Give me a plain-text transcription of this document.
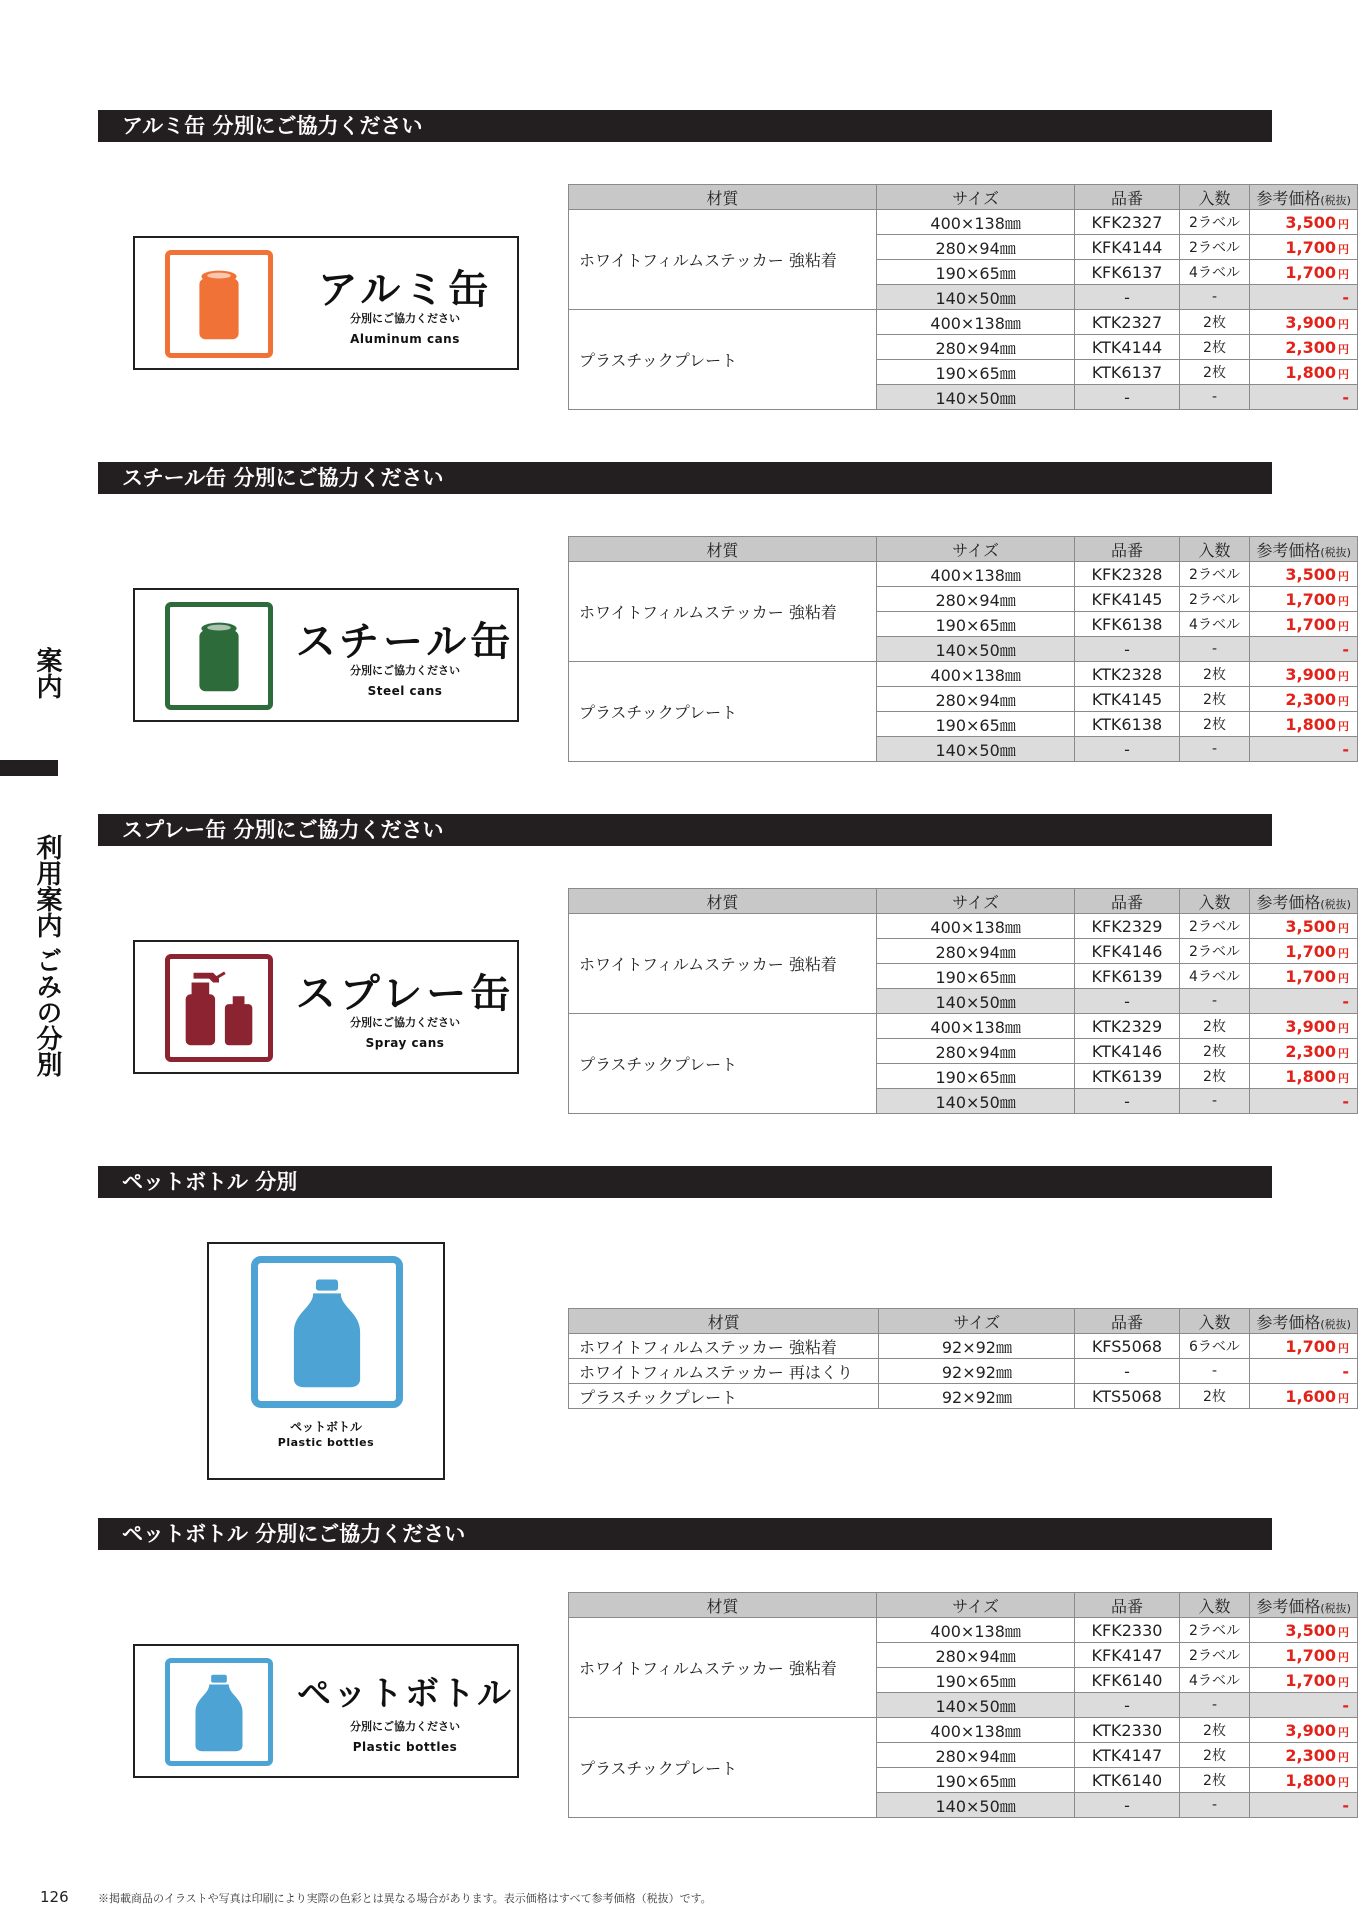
案内
利用案内 ごみの分別
アルミ缶 分別にご協力ください
アルミ缶
分別にご協力ください
Aluminum cans
材質	サイズ	品番	入数	参考価格(税抜)
ホワイトフィルムステッカー 強粘着	400×138㎜	KFK2327	2ラベル	3,500 円
	280×94㎜	KFK4144	2ラベル	1,700 円
	190×65㎜	KFK6137	4ラベル	1,700 円
	140×50㎜	-	-	-
プラスチックプレート	400×138㎜	KTK2327	2枚	3,900 円
	280×94㎜	KTK4144	2枚	2,300 円
	190×65㎜	KTK6137	2枚	1,800 円
	140×50㎜	-	-	-
スチール缶 分別にご協力ください
スチール缶
分別にご協力ください
Steel cans
材質	サイズ	品番	入数	参考価格(税抜)
ホワイトフィルムステッカー 強粘着	400×138㎜	KFK2328	2ラベル	3,500 円
	280×94㎜	KFK4145	2ラベル	1,700 円
	190×65㎜	KFK6138	4ラベル	1,700 円
	140×50㎜	-	-	-
プラスチックプレート	400×138㎜	KTK2328	2枚	3,900 円
	280×94㎜	KTK4145	2枚	2,300 円
	190×65㎜	KTK6138	2枚	1,800 円
	140×50㎜	-	-	-
スプレー缶 分別にご協力ください
スプレー缶
分別にご協力ください
Spray cans
材質	サイズ	品番	入数	参考価格(税抜)
ホワイトフィルムステッカー 強粘着	400×138㎜	KFK2329	2ラベル	3,500 円
	280×94㎜	KFK4146	2ラベル	1,700 円
	190×65㎜	KFK6139	4ラベル	1,700 円
	140×50㎜	-	-	-
プラスチックプレート	400×138㎜	KTK2329	2枚	3,900 円
	280×94㎜	KTK4146	2枚	2,300 円
	190×65㎜	KTK6139	2枚	1,800 円
	140×50㎜	-	-	-
ペットボトル 分別
ペットボトル
Plastic bottles
材質	サイズ	品番	入数	参考価格(税抜)
ホワイトフィルムステッカー 強粘着	92×92㎜	KFS5068	6ラベル	1,700 円
ホワイトフィルムステッカー 再はくり	92×92㎜	-	-	-
プラスチックプレート	92×92㎜	KTS5068	2枚	1,600 円
ペットボトル 分別にご協力ください
ペットボトル
分別にご協力ください
Plastic bottles
材質	サイズ	品番	入数	参考価格(税抜)
ホワイトフィルムステッカー 強粘着	400×138㎜	KFK2330	2ラベル	3,500 円
	280×94㎜	KFK4147	2ラベル	1,700 円
	190×65㎜	KFK6140	4ラベル	1,700 円
	140×50㎜	-	-	-
プラスチックプレート	400×138㎜	KTK2330	2枚	3,900 円
	280×94㎜	KTK4147	2枚	2,300 円
	190×65㎜	KTK6140	2枚	1,800 円
	140×50㎜	-	-	-
126	※掲載商品のイラストや写真は印刷により実際の色彩とは異なる場合があります。表示価格はすべて参考価格（税抜）です。
